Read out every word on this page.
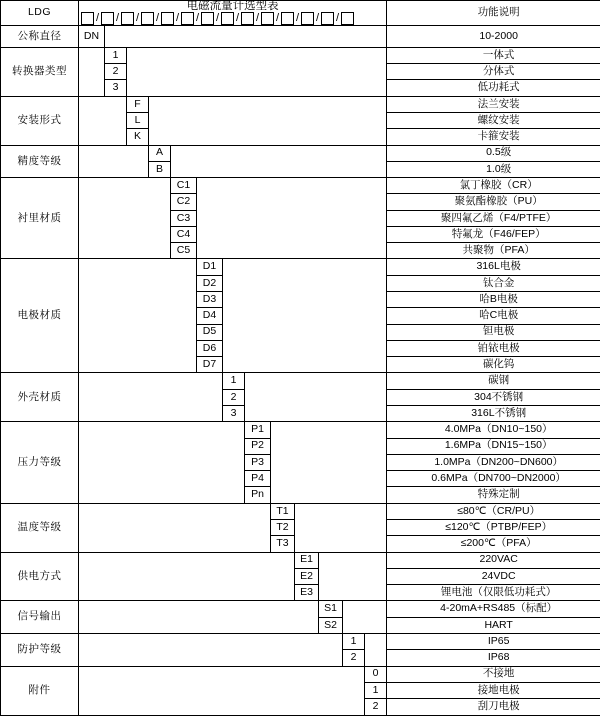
LDG	
电磁流量计选型表
/ / / / / / / / / / / / /	功能说明
公称直径	DN													10-2000
转换器类型		1												一体式
		2												分体式
		3												低功耗式
安装形式			F											法兰安装
			L											螺纹安装
			K											卡箍安装
精度等级				A										0.5级
				B										1.0级
衬里材质					C1									氯丁橡胶（CR）
					C2									聚氨酯橡胶（PU）
					C3									聚四氟乙烯（F4/PTFE）
					C4									特氟龙（F46/FEP）
					C5									共聚物（PFA）
电极材质						D1								316L电极
						D2								钛合金
						D3								哈B电极
						D4								哈C电极
						D5								钽电极
						D6								铂铱电极
						D7								碳化钨
外壳材质							1							碳钢
							2							304不锈钢
							3							316L不锈钢
压力等级								P1						4.0MPa（DN10~150）
								P2						1.6MPa（DN15~150）
								P3						1.0MPa（DN200~DN600）
								P4						0.6MPa（DN700~DN2000）
								Pn						特殊定制
温度等级									T1					≤80℃（CR/PU）
									T2					≤120℃（PTBP/FEP）
									T3					≤200℃（PFA）
供电方式										E1				220VAC
										E2				24VDC
										E3				锂电池（仅限低功耗式）
信号输出											S1			4-20mA+RS485（标配）
											S2			HART
防护等级												1		IP65
												2		IP68
附件													0	不接地
													1	接地电极
													2	刮刀电极
